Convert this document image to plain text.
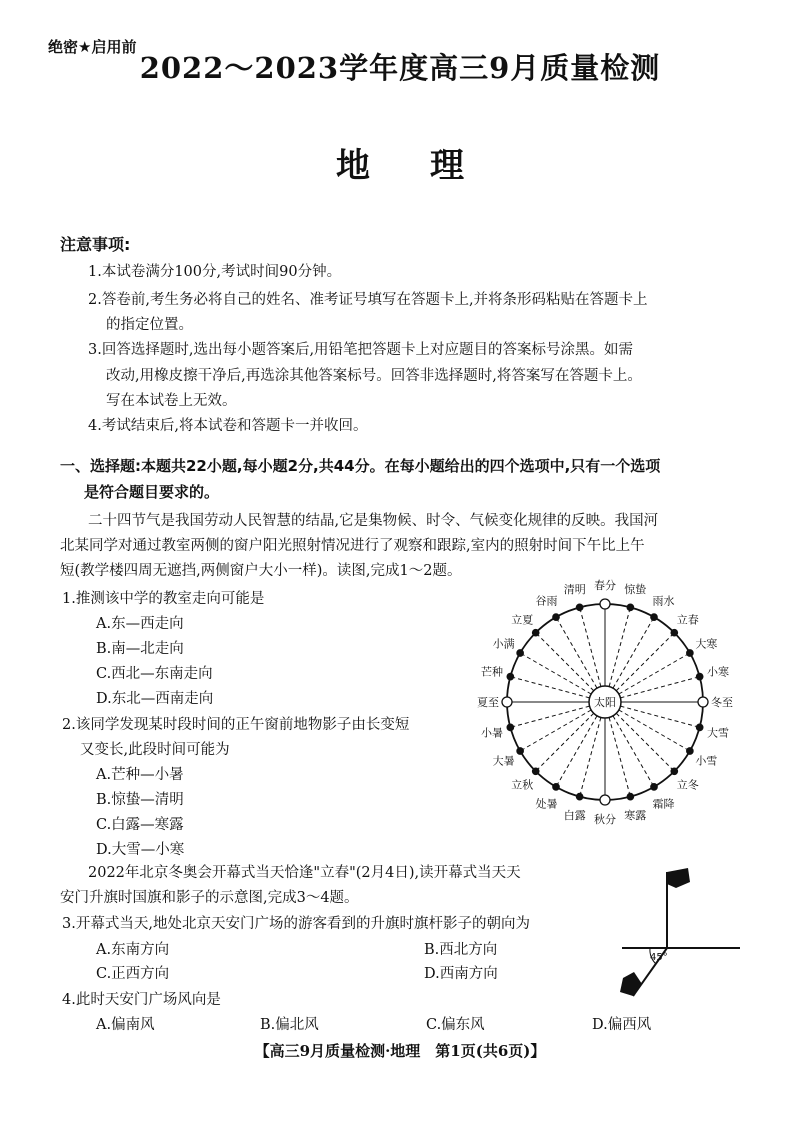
绝密★启用前
2022～2023学年度高三9月质量检测
地理
注意事项:
1.本试卷满分100分,考试时间90分钟。
2.答卷前,考生务必将自己的姓名、准考证号填写在答题卡上,并将条形码粘贴在答题卡上
的指定位置。
3.回答选择题时,选出每小题答案后,用铅笔把答题卡上对应题目的答案标号涂黑。如需
改动,用橡皮擦干净后,再选涂其他答案标号。回答非选择题时,将答案写在答题卡上。
写在本试卷上无效。
4.考试结束后,将本试卷和答题卡一并收回。
一、选择题:本题共22小题,每小题2分,共44分。在每小题给出的四个选项中,只有一个选项
是符合题目要求的。
二十四节气是我国劳动人民智慧的结晶,它是集物候、时令、气候变化规律的反映。我国河
北某同学对通过教室两侧的窗户阳光照射情况进行了观察和跟踪,室内的照射时间下午比上午
短(教学楼四周无遮挡,两侧窗户大小一样)。读图,完成1～2题。
1.推测该中学的教室走向可能是
A.东—西走向
B.南—北走向
C.西北—东南走向
D.东北—西南走向
2.该同学发现某时段时间的正午窗前地物影子由长变短
又变长,此段时间可能为
A.芒种—小暑
B.惊蛰—清明
C.白露—寒露
D.大雪—小寒
冬至
小寒
大寒
立春
雨水
惊蛰
春分
清明
谷雨
立夏
小满
芒种
夏至
小暑
大暑
立秋
处暑
白露 秋分 寒露
霜降
立冬
小雪
大雪
太阳
2022年北京冬奥会开幕式当天恰逢"立春"(2月4日),读开幕式当天天
安门升旗时国旗和影子的示意图,完成3～4题。
3.开幕式当天,地处北京天安门广场的游客看到的升旗时旗杆影子的朝向为
A.东南方向	B.西北方向
C.正西方向	D.西南方向
4.此时天安门广场风向是
A.偏南风	B.偏北风	C.偏东风	D.偏西风
45°
【高三9月质量检测·地理　第1页(共6页)】
